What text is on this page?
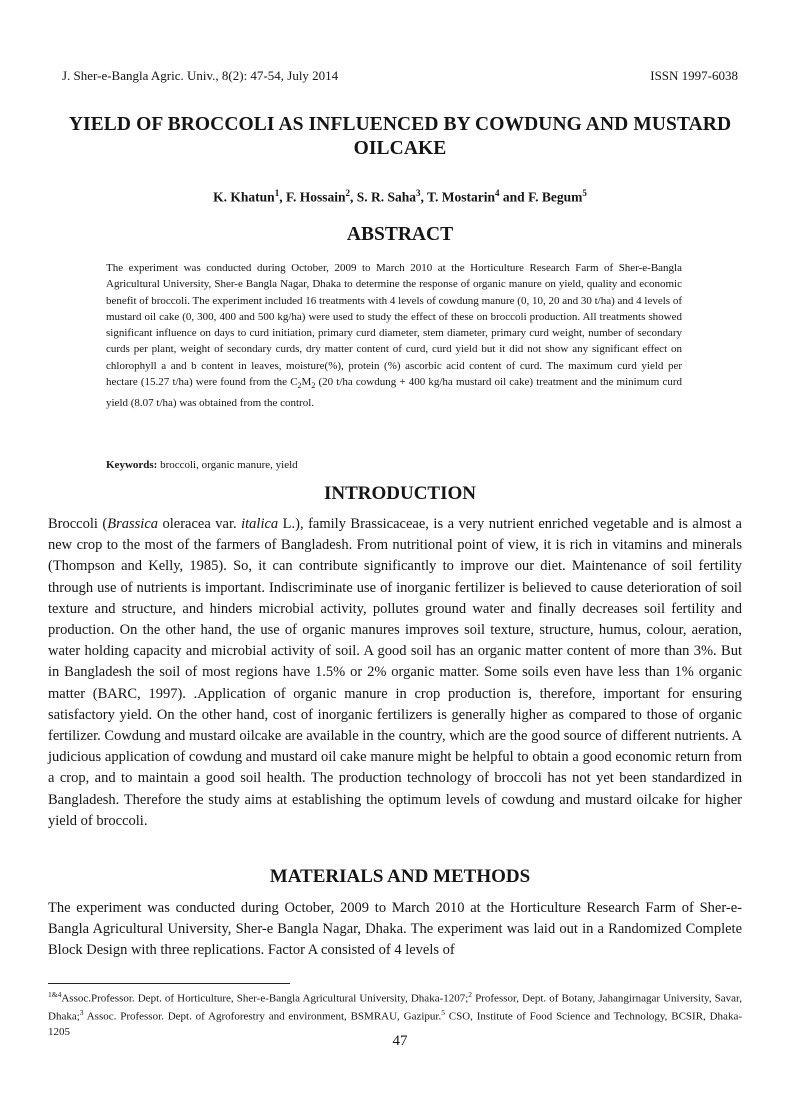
J. Sher-e-Bangla Agric. Univ., 8(2): 47-54, July 2014	ISSN 1997-6038
YIELD OF BROCCOLI AS INFLUENCED BY COWDUNG AND MUSTARD
OILCAKE
K. Khatun$^1$, F. Hossain$^2$, S. R. Saha$^3$, T. Mostarin$^4$ and F. Begum$^5$
ABSTRACT

The experiment was conducted during October, 2009 to March 2010 at the Horticulture Research Farm of Sher-e-Bangla Agricultural University, Sher-e Bangla Nagar, Dhaka to determine the response of organic manure on yield, quality and economic benefit of broccoli. The experiment included 16 treatments with 4 levels of cowdung manure (0, 10, 20 and 30 t/ha) and 4 levels of mustard oil cake (0, 300, 400 and 500 kg/ha) were used to study the effect of these on broccoli production. All treatments showed significant influence on days to curd initiation, primary curd diameter, stem diameter, primary curd weight, number of secondary curds per plant, weight of secondary curds, dry matter content of curd, curd yield but it did not show any significant effect on chlorophyll a and b content in leaves, moisture(%), protein (%) ascorbic acid content of curd. The maximum curd yield per hectare (15.27 t/ha) were found from the $C_2M_2$ (20 t/ha cowdung + 400 kg/ha mustard oil cake) treatment and the minimum curd yield (8.07 t/ha) was obtained from the control.

Keywords: broccoli, organic manure, yield
INTRODUCTION

Broccoli (Brassica oleracea var. italica L.), family Brassicaceae, is a very nutrient enriched vegetable and is almost a new crop to the most of the farmers of Bangladesh. From nutritional point of view, it is rich in vitamins and minerals (Thompson and Kelly, 1985). So, it can contribute significantly to improve our diet. Maintenance of soil fertility through use of nutrients is important. Indiscriminate use of inorganic fertilizer is believed to cause deterioration of soil texture and structure, and hinders microbial activity, pollutes ground water and finally decreases soil fertility and production. On the other hand, the use of organic manures improves soil texture, structure, humus, colour, aeration, water holding capacity and microbial activity of soil. A good soil has an organic matter content of more than 3%. But in Bangladesh the soil of most regions have 1.5% or 2% organic matter. Some soils even have less than 1% organic matter (BARC, 1997). .Application of organic manure in crop production is, therefore, important for ensuring satisfactory yield. On the other hand, cost of inorganic fertilizers is generally higher as compared to those of organic fertilizer. Cowdung and mustard oilcake are available in the country, which are the good source of different nutrients. A judicious application of cowdung and mustard oil cake manure might be helpful to obtain a good economic return from a crop, and to maintain a good soil health. The production technology of broccoli has not yet been standardized in Bangladesh. Therefore the study aims at establishing the optimum levels of cowdung and mustard oilcake for higher yield of broccoli.

MATERIALS AND METHODS

The experiment was conducted during October, 2009 to March 2010 at the Horticulture Research Farm of Sher-e-Bangla Agricultural University, Sher-e Bangla Nagar, Dhaka. The experiment was laid out in a Randomized Complete Block Design with three replications. Factor A consisted of 4 levels of

$^{1\&4}$Assoc.Professor. Dept. of Horticulture, Sher-e-Bangla Agricultural University, Dhaka-1207;$^2$ Professor, Dept. of Botany, Jahangirnagar University, Savar, Dhaka;$^3$ Assoc. Professor. Dept. of Agroforestry and environment, BSMRAU, Gazipur.$^5$ CSO, Institute of Food Science and Technology, BCSIR, Dhaka-1205

47
